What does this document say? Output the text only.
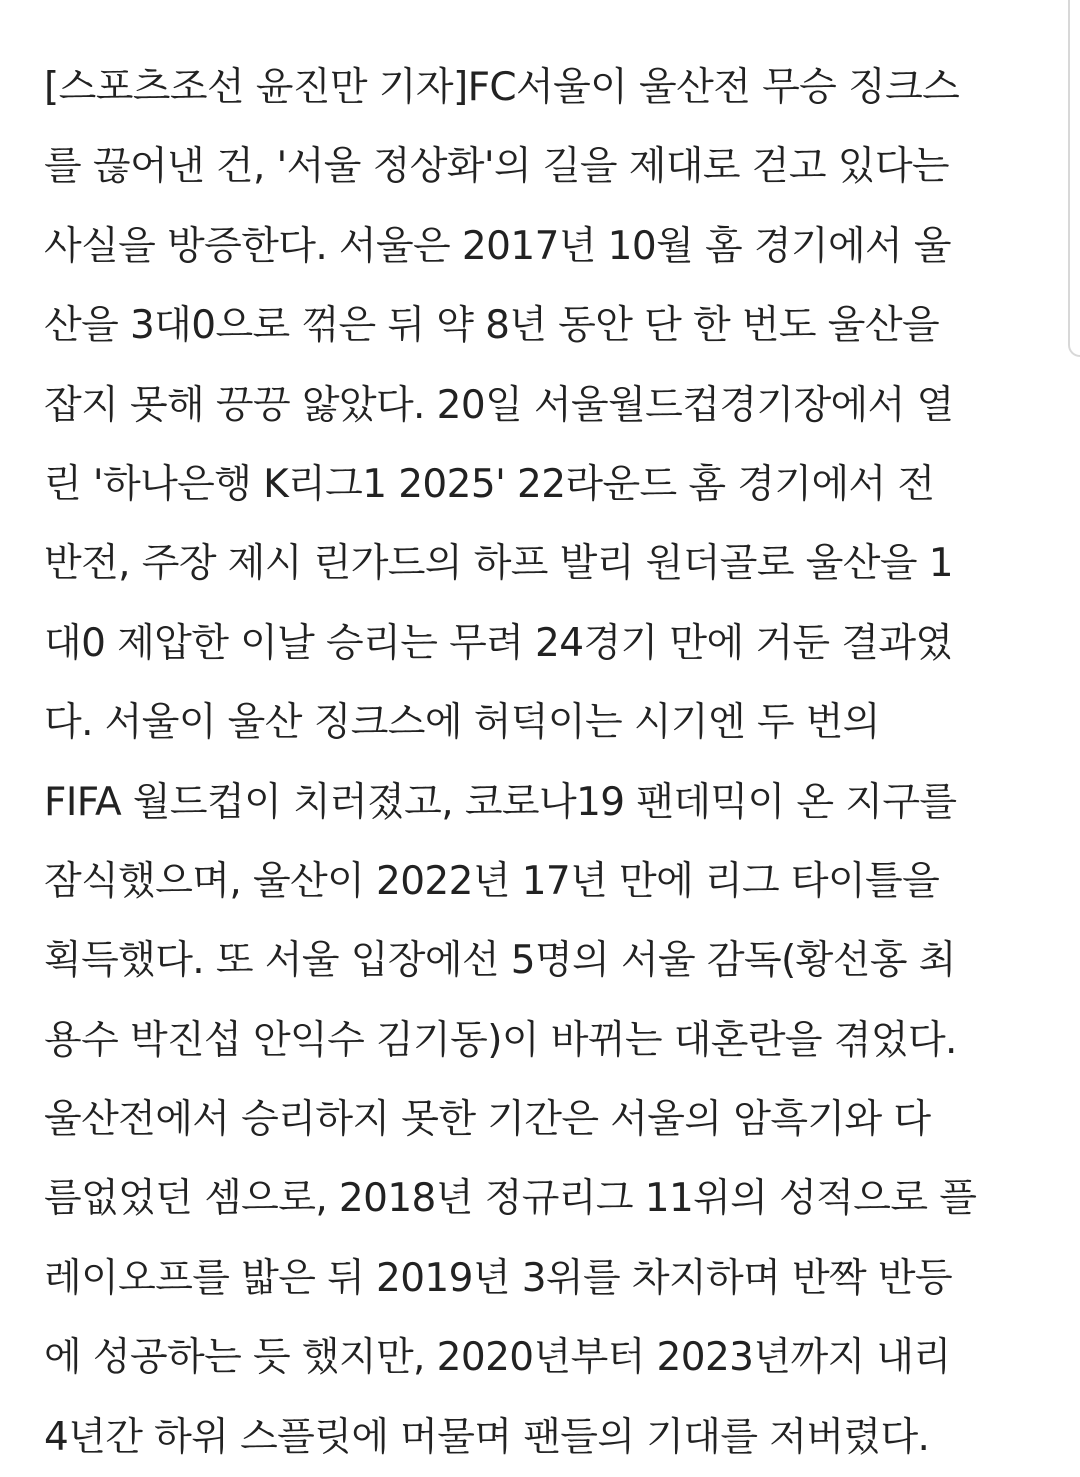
[스포츠조선 윤진만 기자]FC서울이 울산전 무승 징크스
를 끊어낸 건, '서울 정상화'의 길을 제대로 걷고 있다는
사실을 방증한다. 서울은 2017년 10월 홈 경기에서 울
산을 3대0으로 꺾은 뒤 약 8년 동안 단 한 번도 울산을
잡지 못해 끙끙 앓았다. 20일 서울월드컵경기장에서 열
린 '하나은행 K리그1 2025' 22라운드 홈 경기에서 전
반전, 주장 제시 린가드의 하프 발리 원더골로 울산을 1
대0 제압한 이날 승리는 무려 24경기 만에 거둔 결과였
다. 서울이 울산 징크스에 허덕이는 시기엔 두 번의
FIFA 월드컵이 치러졌고, 코로나19 팬데믹이 온 지구를
잠식했으며, 울산이 2022년 17년 만에 리그 타이틀을
획득했다. 또 서울 입장에선 5명의 서울 감독(황선홍 최
용수 박진섭 안익수 김기동)이 바뀌는 대혼란을 겪었다.
울산전에서 승리하지 못한 기간은 서울의 암흑기와 다
름없었던 셈으로, 2018년 정규리그 11위의 성적으로 플
레이오프를 밟은 뒤 2019년 3위를 차지하며 반짝 반등
에 성공하는 듯 했지만, 2020년부터 2023년까지 내리
4년간 하위 스플릿에 머물며 팬들의 기대를 저버렸다.
